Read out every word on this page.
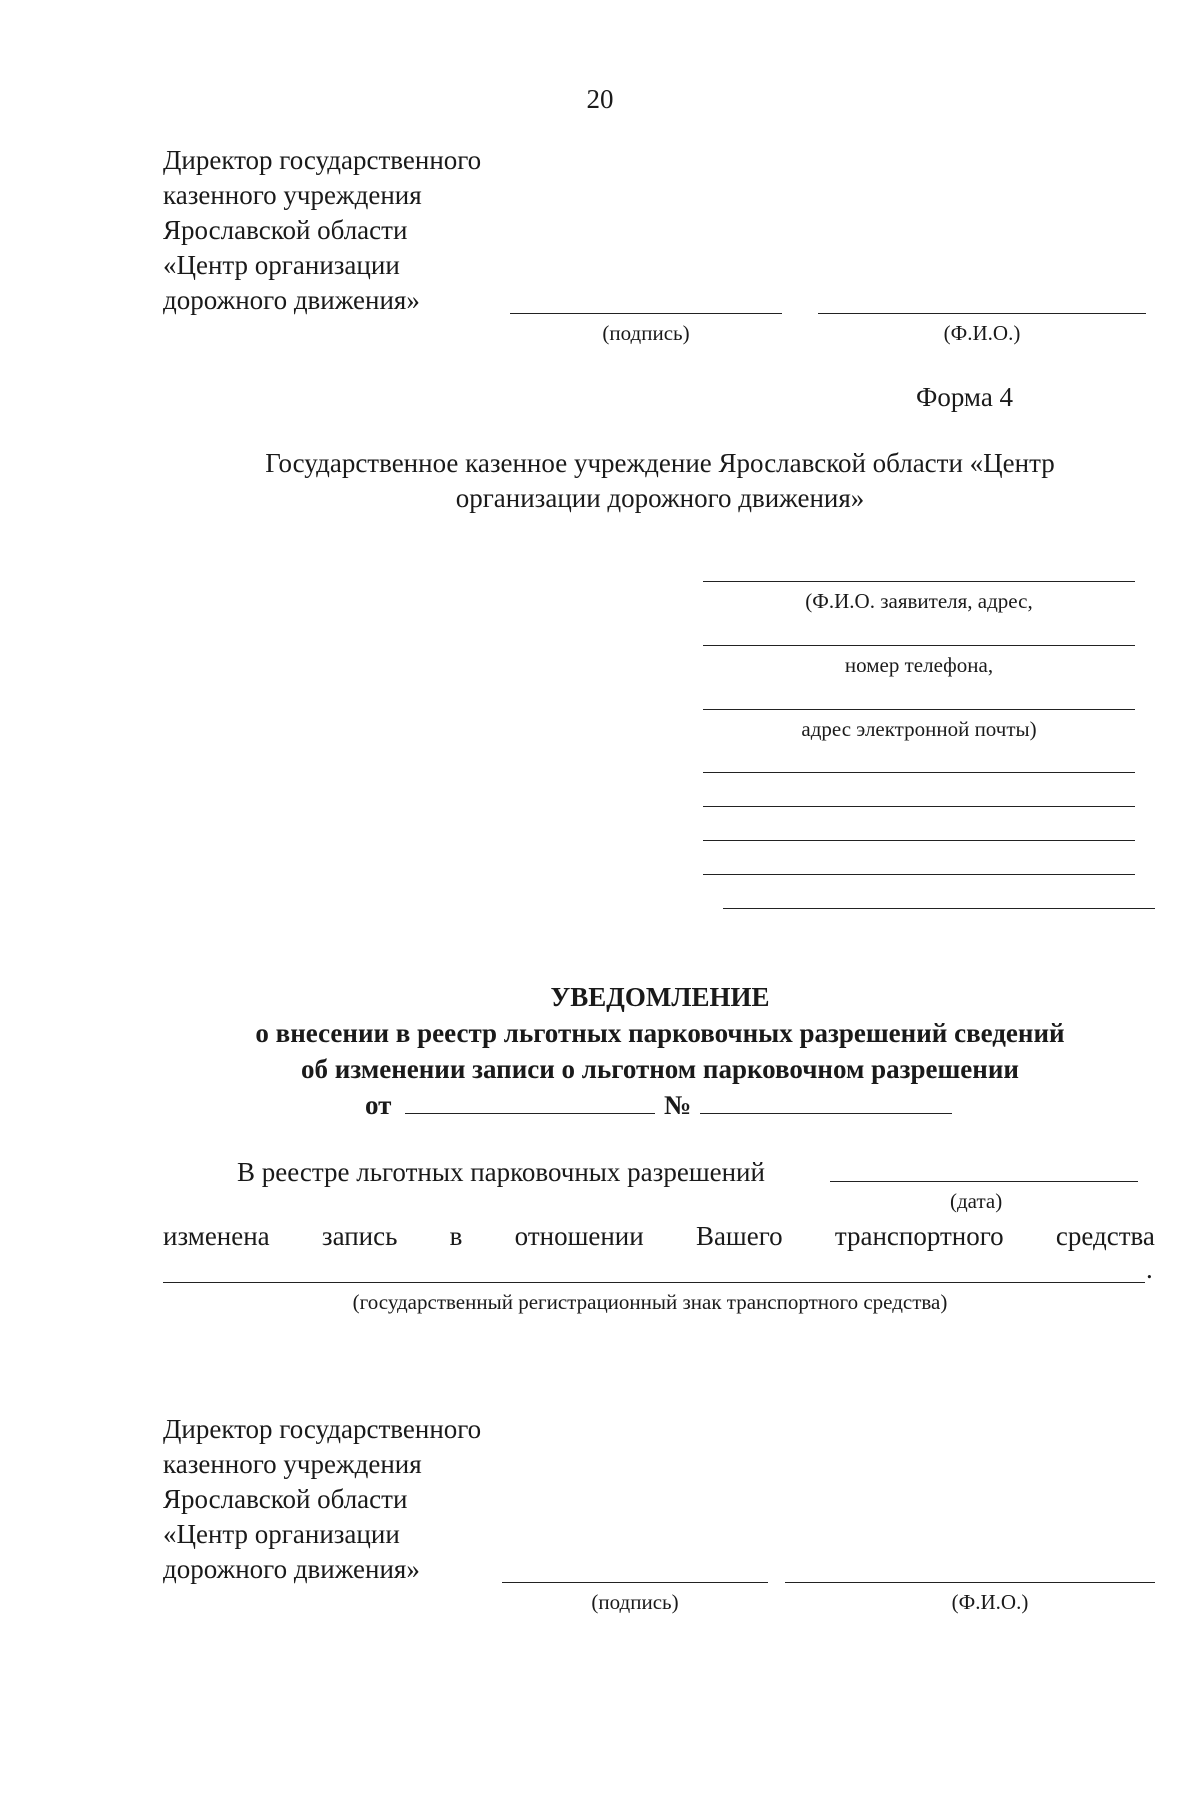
20
Директор государственного
казенного учреждения
Ярославской области
«Центр организации
дорожного движения»
(подпись)	(Ф.И.О.)
Форма 4
Государственное казенное учреждение Ярославской области «Центр
организации дорожного движения»
(Ф.И.О. заявителя, адрес,
номер телефона,
адрес электронной почты)
УВЕДОМЛЕНИЕ
о внесении в реестр льготных парковочных разрешений сведений
об изменении записи о льготном парковочном разрешении
от	№
В реестре льготных парковочных разрешений
(дата)
изменена запись в отношении Вашего транспортного средства
.
(государственный регистрационный знак транспортного средства)
Директор государственного
казенного учреждения
Ярославской области
«Центр организации
дорожного движения»
(подпись)	(Ф.И.О.)
